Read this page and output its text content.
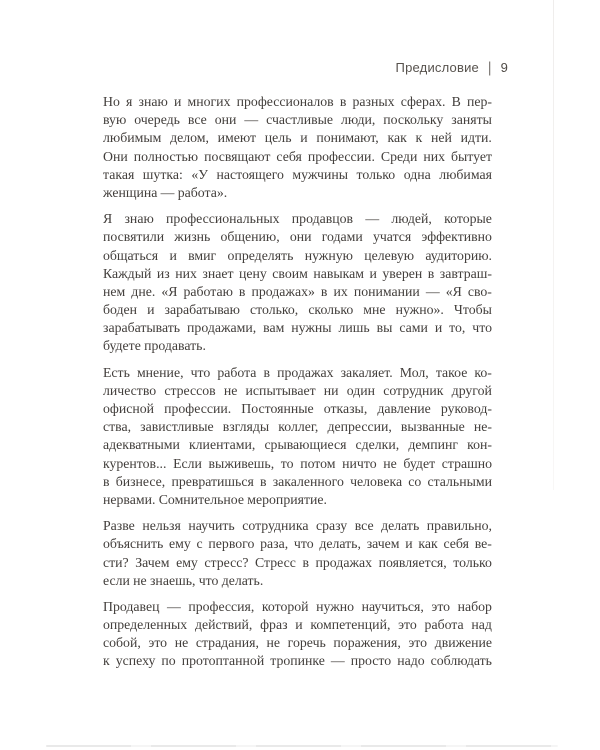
Предисловие | 9
Но я знаю и многих профессионалов в разных сферах. В пер-
вую очередь все они — счастливые люди, поскольку заняты
любимым делом, имеют цель и понимают, как к ней идти.
Они полностью посвящают себя профессии. Среди них бытует
такая шутка: «У настоящего мужчины только одна любимая
женщина — работа».
Я знаю профессиональных продавцов — людей, которые
посвятили жизнь общению, они годами учатся эффективно
общаться и вмиг определять нужную целевую аудиторию.
Каждый из них знает цену своим навыкам и уверен в завтраш-
нем дне. «Я работаю в продажах» в их понимании — «Я сво-
боден и зарабатываю столько, сколько мне нужно». Чтобы
зарабатывать продажами, вам нужны лишь вы сами и то, что
будете продавать.
Есть мнение, что работа в продажах закаляет. Мол, такое ко-
личество стрессов не испытывает ни один сотрудник другой
офисной профессии. Постоянные отказы, давление руковод-
ства, завистливые взгляды коллег, депрессии, вызванные не-
адекватными клиентами, срывающиеся сделки, демпинг кон-
курентов... Если выживешь, то потом ничто не будет страшно
в бизнесе, превратишься в закаленного человека со стальными
нервами. Сомнительное мероприятие.
Разве нельзя научить сотрудника сразу все делать правильно,
объяснить ему с первого раза, что делать, зачем и как себя ве-
сти? Зачем ему стресс? Стресс в продажах появляется, только
если не знаешь, что делать.
Продавец — профессия, которой нужно научиться, это набор
определенных действий, фраз и компетенций, это работа над
собой, это не страдания, не горечь поражения, это движение
к успеху по протоптанной тропинке — просто надо соблюдать
